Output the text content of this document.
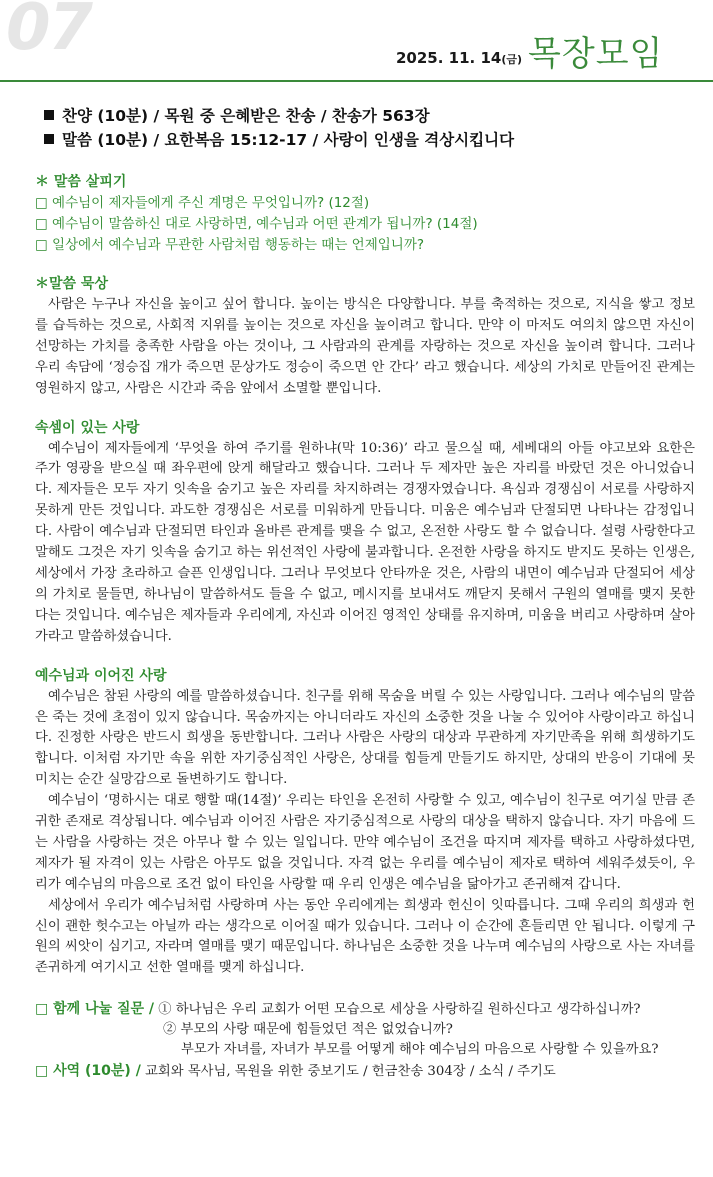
07	2025. 11. 14(금) 목장모임
찬양 (10분) / 목원 중 은혜받은 찬송 / 찬송가 563장
말씀 (10분) / 요한복음 15:12-17 / 사랑이 인생을 격상시킵니다
＊ 말씀 살피기
□ 예수님이 제자들에게 주신 계명은 무엇입니까? (12절)
□ 예수님이 말씀하신 대로 사랑하면, 예수님과 어떤 관계가 됩니까? (14절)
□ 일상에서 예수님과 무관한 사람처럼 행동하는 때는 언제입니까?
＊말씀 묵상

사람은 누구나 자신을 높이고 싶어 합니다. 높이는 방식은 다양합니다. 부를 축적하는 것으로, 지식을 쌓고 정보를 습득하는 것으로, 사회적 지위를 높이는 것으로 자신을 높이려고 합니다. 만약 이 마저도 여의치 않으면 자신이 선망하는 가치를 충족한 사람을 아는 것이나, 그 사람과의 관계를 자랑하는 것으로 자신을 높이려 합니다. 그러나 우리 속담에 ‘정승집 개가 죽으면 문상가도 정승이 죽으면 안 간다’ 라고 했습니다. 세상의 가치로 만들어진 관계는 영원하지 않고, 사람은 시간과 죽음 앞에서 소멸할 뿐입니다.

속셈이 있는 사랑

예수님이 제자들에게 ‘무엇을 하여 주기를 원하냐(막 10:36)’ 라고 물으실 때, 세베대의 아들 야고보와 요한은 주가 영광을 받으실 때 좌우편에 앉게 해달라고 했습니다. 그러나 두 제자만 높은 자리를 바랐던 것은 아니었습니다. 제자들은 모두 자기 잇속을 숨기고 높은 자리를 차지하려는 경쟁자였습니다. 욕심과 경쟁심이 서로를 사랑하지 못하게 만든 것입니다. 과도한 경쟁심은 서로를 미워하게 만듭니다. 미움은 예수님과 단절되면 나타나는 감정입니다. 사람이 예수님과 단절되면 타인과 올바른 관계를 맺을 수 없고, 온전한 사랑도 할 수 없습니다. 설령 사랑한다고 말해도 그것은 자기 잇속을 숨기고 하는 위선적인 사랑에 불과합니다. 온전한 사랑을 하지도 받지도 못하는 인생은, 세상에서 가장 초라하고 슬픈 인생입니다. 그러나 무엇보다 안타까운 것은, 사람의 내면이 예수님과 단절되어 세상의 가치로 물들면, 하나님이 말씀하셔도 들을 수 없고, 메시지를 보내셔도 깨닫지 못해서 구원의 열매를 맺지 못한다는 것입니다. 예수님은 제자들과 우리에게, 자신과 이어진 영적인 상태를 유지하며, 미움을 버리고 사랑하며 살아가라고 말씀하셨습니다.

예수님과 이어진 사랑

예수님은 참된 사랑의 예를 말씀하셨습니다. 친구를 위해 목숨을 버릴 수 있는 사랑입니다. 그러나 예수님의 말씀은 죽는 것에 초점이 있지 않습니다. 목숨까지는 아니더라도 자신의 소중한 것을 나눌 수 있어야 사랑이라고 하십니다. 진정한 사랑은 반드시 희생을 동반합니다. 그러나 사람은 사랑의 대상과 무관하게 자기만족을 위해 희생하기도 합니다. 이처럼 자기만 속을 위한 자기중심적인 사랑은, 상대를 힘들게 만들기도 하지만, 상대의 반응이 기대에 못 미치는 순간 실망감으로 돌변하기도 합니다.

예수님이 ‘명하시는 대로 행할 때(14절)’ 우리는 타인을 온전히 사랑할 수 있고, 예수님이 친구로 여기실 만큼 존귀한 존재로 격상됩니다. 예수님과 이어진 사람은 자기중심적으로 사랑의 대상을 택하지 않습니다. 자기 마음에 드는 사람을 사랑하는 것은 아무나 할 수 있는 일입니다. 만약 예수님이 조건을 따지며 제자를 택하고 사랑하셨다면, 제자가 될 자격이 있는 사람은 아무도 없을 것입니다. 자격 없는 우리를 예수님이 제자로 택하여 세워주셨듯이, 우리가 예수님의 마음으로 조건 없이 타인을 사랑할 때 우리 인생은 예수님을 닮아가고 존귀해져 갑니다.

세상에서 우리가 예수님처럼 사랑하며 사는 동안 우리에게는 희생과 헌신이 잇따릅니다. 그때 우리의 희생과 헌신이 괜한 헛수고는 아닐까 라는 생각으로 이어질 때가 있습니다. 그러나 이 순간에 흔들리면 안 됩니다. 이렇게 구원의 씨앗이 심기고, 자라며 열매를 맺기 때문입니다. 하나님은 소중한 것을 나누며 예수님의 사랑으로 사는 자녀를 존귀하게 여기시고 선한 열매를 맺게 하십니다.

□ 함께 나눌 질문 / ① 하나님은 우리 교회가 어떤 모습으로 세상을 사랑하길 원하신다고 생각하십니까?
② 부모의 사랑 때문에 힘들었던 적은 없었습니까?
부모가 자녀를, 자녀가 부모를 어떻게 해야 예수님의 마음으로 사랑할 수 있을까요?
□ 사역 (10분) / 교회와 목사님, 목원을 위한 중보기도 / 헌금찬송 304장 / 소식 / 주기도
